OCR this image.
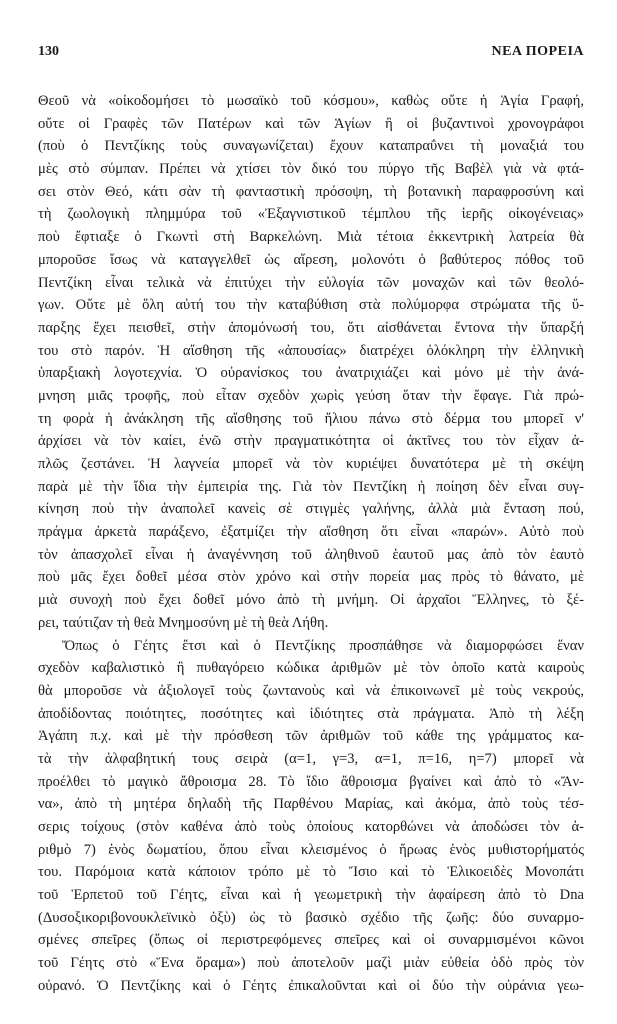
130	ΝΕΑ ΠΟΡΕΙΑ
Θεοῦ νὰ «οἰκοδομήσει τὸ μωσαϊκὸ τοῦ κόσμου», καθὼς οὔτε ἡ Ἁγία Γραφή,
οὔτε οἱ Γραφὲς τῶν Πατέρων καὶ τῶν Ἁγίων ἢ οἱ βυζαντινοὶ χρονογράφοι
(ποὺ ὁ Πεντζίκης τοὺς συναγωνίζεται) ἔχουν καταπραΰνει τὴ μοναξιά του
μὲς στὸ σύμπαν. Πρέπει νὰ χτίσει τὸν δικό του πύργο τῆς Βαβὲλ γιὰ νὰ φτά-
σει στὸν Θεό, κάτι σὰν τὴ φανταστικὴ πρόσοψη, τὴ βοτανικὴ παραφροσύνη καὶ
τὴ ζωολογικὴ πλημμύρα τοῦ «Ἐξαγνιστικοῦ τέμπλου τῆς ἱερῆς οἰκογένειας»
ποὺ ἔφτιαξε ὁ Γκωντὶ στὴ Βαρκελώνη. Μιὰ τέτοια ἐκκεντρικὴ λατρεία θὰ
μποροῦσε ἴσως νὰ καταγγελθεῖ ὡς αἵρεση, μολονότι ὁ βαθύτερος πόθος τοῦ
Πεντζίκη εἶναι τελικὰ νὰ ἐπιτύχει τὴν εὐλογία τῶν μοναχῶν καὶ τῶν θεολό-
γων. Οὔτε μὲ ὅλη αὐτή του τὴν καταβύθιση στὰ πολύμορφα στρώματα τῆς ὕ-
παρξης ἔχει πεισθεῖ, στὴν ἀπομόνωσή του, ὅτι αἰσθάνεται ἔντονα τὴν ὕπαρξή
του στὸ παρόν. Ἡ αἴσθηση τῆς «ἀπουσίας» διατρέχει ὁλόκληρη τὴν ἑλληνικὴ
ὑπαρξιακὴ λογοτεχνία. Ὁ οὐρανίσκος του ἀνατριχιάζει καὶ μόνο μὲ τὴν ἀνά-
μνηση μιᾶς τροφῆς, ποὺ εἶταν σχεδὸν χωρὶς γεύση ὅταν τὴν ἔφαγε. Γιὰ πρώ-
τη φορὰ ἡ ἀνάκληση τῆς αἴσθησης τοῦ ἥλιου πάνω στὸ δέρμα του μπορεῖ ν'
ἀρχίσει νὰ τὸν καίει, ἐνῶ στὴν πραγματικότητα οἱ ἀκτῖνες του τὸν εἶχαν ἁ-
πλῶς ζεστάνει. Ἡ λαγνεία μπορεῖ νὰ τὸν κυριέψει δυνατότερα μὲ τὴ σκέψη
παρὰ μὲ τὴν ἴδια τὴν ἐμπειρία της. Γιὰ τὸν Πεντζίκη ἡ ποίηση δὲν εἶναι συγ-
κίνηση ποὺ τὴν ἀναπολεῖ κανεὶς σὲ στιγμὲς γαλήνης, ἀλλὰ μιὰ ἔνταση πού,
πράγμα ἀρκετὰ παράξενο, ἐξατμίζει τὴν αἴσθηση ὅτι εἶναι «παρών». Αὐτὸ ποὺ
τὸν ἀπασχολεῖ εἶναι ἡ ἀναγέννηση τοῦ ἀληθινοῦ ἑαυτοῦ μας ἀπὸ τὸν ἑαυτὸ
ποὺ μᾶς ἔχει δοθεῖ μέσα στὸν χρόνο καὶ στὴν πορεία μας πρὸς τὸ θάνατο, μὲ
μιὰ συνοχὴ ποὺ ἔχει δοθεῖ μόνο ἀπὸ τὴ μνήμη. Οἱ ἀρχαῖοι Ἕλληνες, τὸ ξέ-
ρει, ταύτιζαν τὴ θεὰ Μνημοσύνη μὲ τὴ θεὰ Λήθη.
Ὅπως ὁ Γέητς ἔτσι καὶ ὁ Πεντζίκης προσπάθησε νὰ διαμορφώσει ἕναν
σχεδὸν καβαλιστικὸ ἢ πυθαγόρειο κώδικα ἀριθμῶν μὲ τὸν ὁποῖο κατὰ καιροὺς
θὰ μποροῦσε νὰ ἀξιολογεῖ τοὺς ζωντανοὺς καὶ νὰ ἐπικοινωνεῖ μὲ τοὺς νεκρούς,
ἀποδίδοντας ποιότητες, ποσότητες καὶ ἰδιότητες στὰ πράγματα. Ἀπὸ τὴ λέξη
Ἀγάπη π.χ. καὶ μὲ τὴν πρόσθεση τῶν ἀριθμῶν τοῦ κάθε της γράμματος κα-
τὰ τὴν ἀλφαβητική τους σειρὰ (α=1, γ=3, α=1, π=16, η=7) μπορεῖ νὰ
προέλθει τὸ μαγικὸ ἄθροισμα 28. Τὸ ἴδιο ἄθροισμα βγαίνει καὶ ἀπὸ τὸ «Ἄν-
να», ἀπὸ τὴ μητέρα δηλαδὴ τῆς Παρθένου Μαρίας, καὶ ἀκόμα, ἀπὸ τοὺς τέσ-
σερις τοίχους (στὸν καθένα ἀπὸ τοὺς ὁποίους κατορθώνει νὰ ἀποδώσει τὸν ἀ-
ριθμὸ 7) ἑνὸς δωματίου, ὅπου εἶναι κλεισμένος ὁ ἥρωας ἑνὸς μυθιστορήματός
του. Παρόμοια κατὰ κάποιον τρόπο μὲ τὸ Ἴσιο καὶ τὸ Ἑλικοειδὲς Μονοπάτι
τοῦ Ἑρπετοῦ τοῦ Γέητς, εἶναι καὶ ἡ γεωμετρικὴ τὴν ἀφαίρεση ἀπὸ τὸ Dna
(Δυσοξικοριβονουκλεϊνικὸ ὀξὺ) ὡς τὸ βασικὸ σχέδιο τῆς ζωῆς: δύο συναρμο-
σμένες σπεῖρες (ὅπως οἱ περιστρεφόμενες σπεῖρες καὶ οἱ συναρμισμένοι κῶνοι
τοῦ Γέητς στὸ «Ἕνα ὅραμα») ποὺ ἀποτελοῦν μαζὶ μιὰν εὐθεία ὁδὸ πρὸς τὸν
οὐρανό. Ὁ Πεντζίκης καὶ ὁ Γέητς ἐπικαλοῦνται καὶ οἱ δύο τὴν οὐράνια γεω-
